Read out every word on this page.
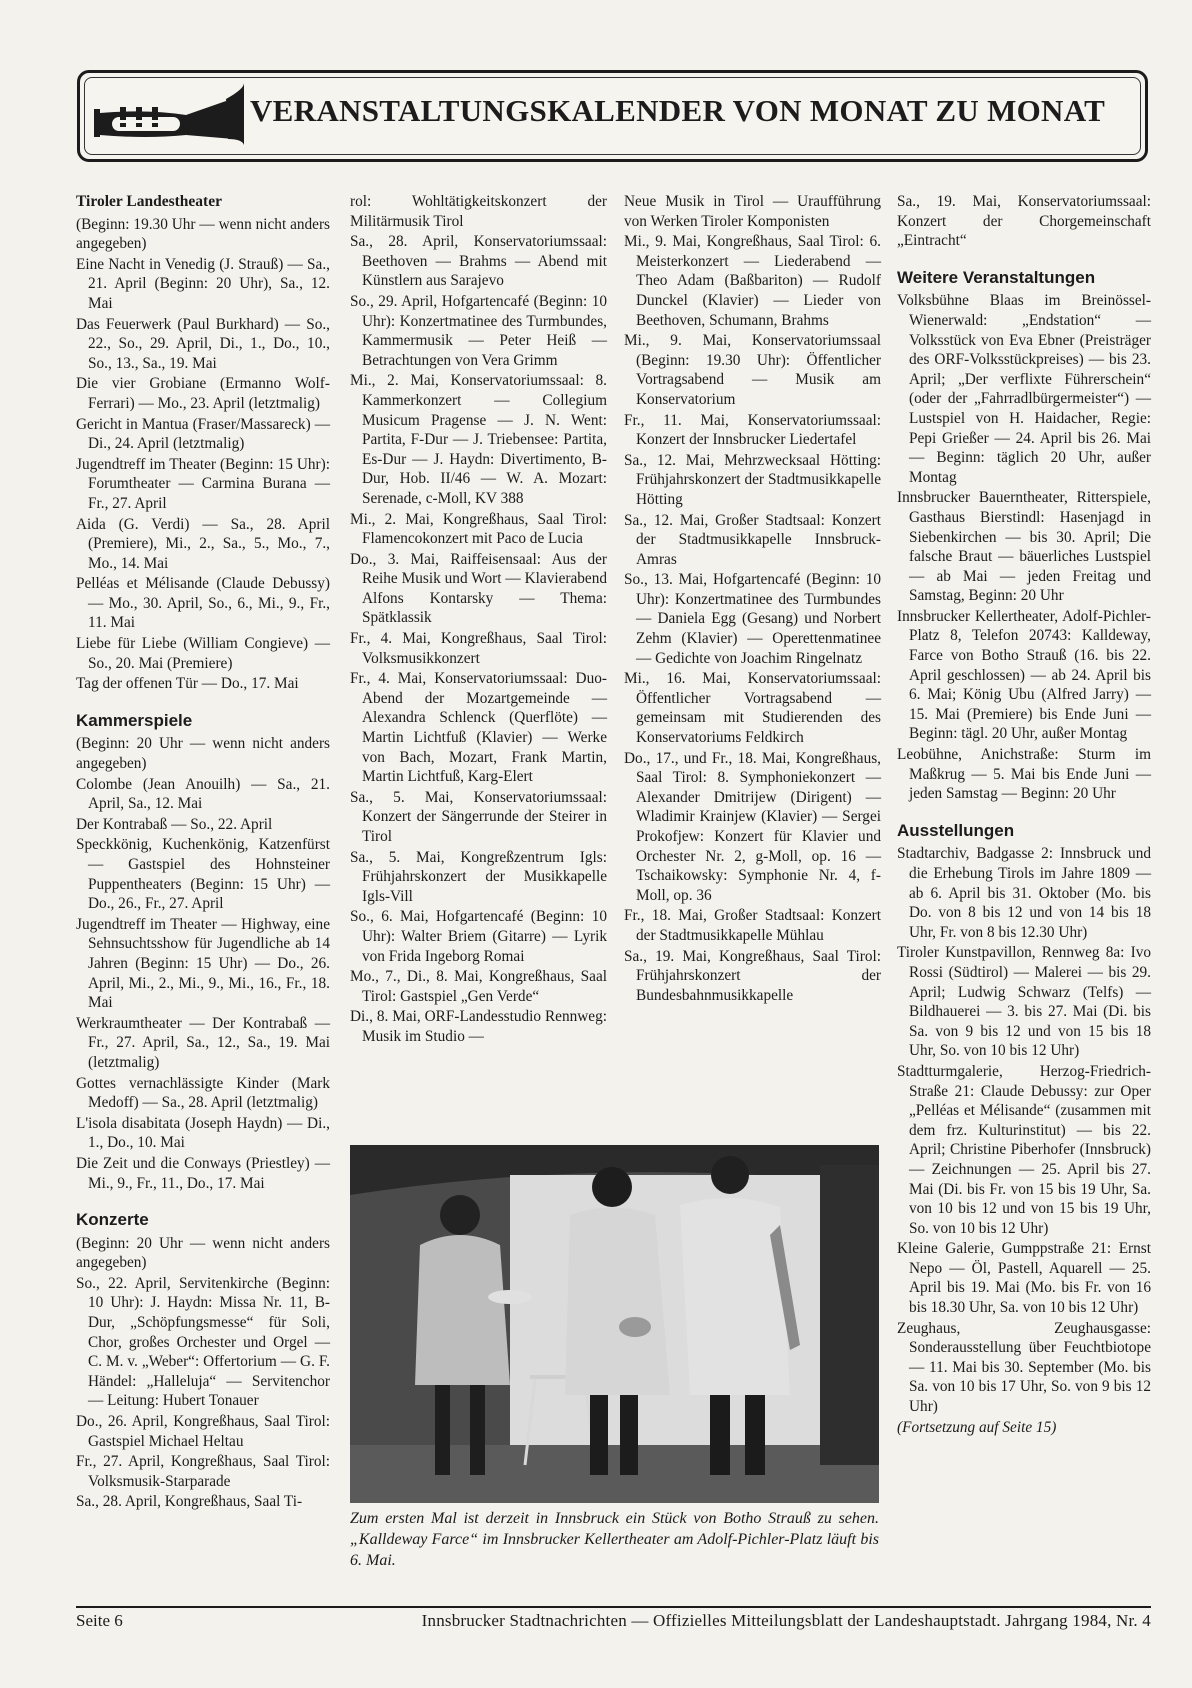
VERANSTALTUNGSKALENDER VON MONAT ZU MONAT
Tiroler Landestheater

(Beginn: 19.30 Uhr — wenn nicht anders angegeben)

Eine Nacht in Venedig (J. Strauß) — Sa., 21. April (Beginn: 20 Uhr), Sa., 12. Mai

Das Feuerwerk (Paul Burkhard) — So., 22., So., 29. April, Di., 1., Do., 10., So., 13., Sa., 19. Mai

Die vier Grobiane (Ermanno Wolf-Ferrari) — Mo., 23. April (letztmalig)

Gericht in Mantua (Fraser/Massareck) — Di., 24. April (letztmalig)

Jugendtreff im Theater (Beginn: 15 Uhr): Forumtheater — Carmina Burana — Fr., 27. April

Aida (G. Verdi) — Sa., 28. April (Premiere), Mi., 2., Sa., 5., Mo., 7., Mo., 14. Mai

Pelléas et Mélisande (Claude Debussy) — Mo., 30. April, So., 6., Mi., 9., Fr., 11. Mai

Liebe für Liebe (William Congieve) — So., 20. Mai (Premiere)

Tag der offenen Tür — Do., 17. Mai

Kammerspiele

(Beginn: 20 Uhr — wenn nicht anders angegeben)

Colombe (Jean Anouilh) — Sa., 21. April, Sa., 12. Mai

Der Kontrabaß — So., 22. April

Speckkönig, Kuchenkönig, Katzenfürst — Gastspiel des Hohnsteiner Puppentheaters (Beginn: 15 Uhr) — Do., 26., Fr., 27. April

Jugendtreff im Theater — Highway, eine Sehnsuchtsshow für Jugendliche ab 14 Jahren (Beginn: 15 Uhr) — Do., 26. April, Mi., 2., Mi., 9., Mi., 16., Fr., 18. Mai

Werkraumtheater — Der Kontrabaß — Fr., 27. April, Sa., 12., Sa., 19. Mai (letztmalig)

Gottes vernachlässigte Kinder (Mark Medoff) — Sa., 28. April (letztmalig)

L'isola disabitata (Joseph Haydn) — Di., 1., Do., 10. Mai

Die Zeit und die Conways (Priestley) — Mi., 9., Fr., 11., Do., 17. Mai

Konzerte

(Beginn: 20 Uhr — wenn nicht anders angegeben)

So., 22. April, Servitenkirche (Beginn: 10 Uhr): J. Haydn: Missa Nr. 11, B-Dur, „Schöpfungsmesse“ für Soli, Chor, großes Orchester und Orgel — C. M. v. „Weber“: Offertorium — G. F. Händel: „Halleluja“ — Servitenchor — Leitung: Hubert Tonauer

Do., 26. April, Kongreßhaus, Saal Tirol: Gastspiel Michael Heltau

Fr., 27. April, Kongreßhaus, Saal Tirol: Volksmusik-Starparade

Sa., 28. April, Kongreßhaus, Saal Ti-

rol: Wohltätigkeitskonzert der Militärmusik Tirol

Sa., 28. April, Konservatoriumssaal: Beethoven — Brahms — Abend mit Künstlern aus Sarajevo

So., 29. April, Hofgartencafé (Beginn: 10 Uhr): Konzertmatinee des Turmbundes, Kammermusik — Peter Heiß — Betrachtungen von Vera Grimm

Mi., 2. Mai, Konservatoriumssaal: 8. Kammerkonzert — Collegium Musicum Pragense — J. N. Went: Partita, F-Dur — J. Triebensee: Partita, Es-Dur — J. Haydn: Divertimento, B-Dur, Hob. II/46 — W. A. Mozart: Serenade, c-Moll, KV 388

Mi., 2. Mai, Kongreßhaus, Saal Tirol: Flamencokonzert mit Paco de Lucia

Do., 3. Mai, Raiffeisensaal: Aus der Reihe Musik und Wort — Klavierabend Alfons Kontarsky — Thema: Spätklassik

Fr., 4. Mai, Kongreßhaus, Saal Tirol: Volksmusikkonzert

Fr., 4. Mai, Konservatoriumssaal: Duo-Abend der Mozartgemeinde — Alexandra Schlenck (Querflöte) — Martin Lichtfuß (Klavier) — Werke von Bach, Mozart, Frank Martin, Martin Lichtfuß, Karg-Elert

Sa., 5. Mai, Konservatoriumssaal: Konzert der Sängerrunde der Steirer in Tirol

Sa., 5. Mai, Kongreßzentrum Igls: Frühjahrskonzert der Musikkapelle Igls-Vill

So., 6. Mai, Hofgartencafé (Beginn: 10 Uhr): Walter Briem (Gitarre) — Lyrik von Frida Ingeborg Romai

Mo., 7., Di., 8. Mai, Kongreßhaus, Saal Tirol: Gastspiel „Gen Verde“

Di., 8. Mai, ORF-Landesstudio Rennweg: Musik im Studio —

Neue Musik in Tirol — Uraufführung von Werken Tiroler Komponisten

Mi., 9. Mai, Kongreßhaus, Saal Tirol: 6. Meisterkonzert — Liederabend — Theo Adam (Baßbariton) — Rudolf Dunckel (Klavier) — Lieder von Beethoven, Schumann, Brahms

Mi., 9. Mai, Konservatoriumssaal (Beginn: 19.30 Uhr): Öffentlicher Vortragsabend — Musik am Konservatorium

Fr., 11. Mai, Konservatoriumssaal: Konzert der Innsbrucker Liedertafel

Sa., 12. Mai, Mehrzwecksaal Hötting: Frühjahrskonzert der Stadtmusikkapelle Hötting

Sa., 12. Mai, Großer Stadtsaal: Konzert der Stadtmusikkapelle Innsbruck-Amras

So., 13. Mai, Hofgartencafé (Beginn: 10 Uhr): Konzertmatinee des Turmbundes — Daniela Egg (Gesang) und Norbert Zehm (Klavier) — Operettenmatinee — Gedichte von Joachim Ringelnatz

Mi., 16. Mai, Konservatoriumssaal: Öffentlicher Vortragsabend — gemeinsam mit Studierenden des Konservatoriums Feldkirch

Do., 17., und Fr., 18. Mai, Kongreßhaus, Saal Tirol: 8. Symphoniekonzert — Alexander Dmitrijew (Dirigent) — Wladimir Krainjew (Klavier) — Sergei Prokofjew: Konzert für Klavier und Orchester Nr. 2, g-Moll, op. 16 — Tschaikowsky: Symphonie Nr. 4, f-Moll, op. 36

Fr., 18. Mai, Großer Stadtsaal: Konzert der Stadtmusikkapelle Mühlau

Sa., 19. Mai, Kongreßhaus, Saal Tirol: Frühjahrskonzert der Bundesbahnmusikkapelle

Sa., 19. Mai, Konservatoriumssaal: Konzert der Chorgemeinschaft „Eintracht“

Weitere Veranstaltungen

Volksbühne Blaas im Breinössel-Wienerwald: „Endstation“ — Volksstück von Eva Ebner (Preisträger des ORF-Volksstückpreises) — bis 23. April; „Der verflixte Führerschein“ (oder der „Fahrradlbürgermeister“) — Lustspiel von H. Haidacher, Regie: Pepi Grießer — 24. April bis 26. Mai — Beginn: täglich 20 Uhr, außer Montag

Innsbrucker Bauerntheater, Ritterspiele, Gasthaus Bierstindl: Hasenjagd in Siebenkirchen — bis 30. April; Die falsche Braut — bäuerliches Lustspiel — ab Mai — jeden Freitag und Samstag, Beginn: 20 Uhr

Innsbrucker Kellertheater, Adolf-Pichler-Platz 8, Telefon 20743: Kalldeway, Farce von Botho Strauß (16. bis 22. April geschlossen) — ab 24. April bis 6. Mai; König Ubu (Alfred Jarry) — 15. Mai (Premiere) bis Ende Juni — Beginn: tägl. 20 Uhr, außer Montag

Leobühne, Anichstraße: Sturm im Maßkrug — 5. Mai bis Ende Juni — jeden Samstag — Beginn: 20 Uhr

Ausstellungen

Stadtarchiv, Badgasse 2: Innsbruck und die Erhebung Tirols im Jahre 1809 — ab 6. April bis 31. Oktober (Mo. bis Do. von 8 bis 12 und von 14 bis 18 Uhr, Fr. von 8 bis 12.30 Uhr)

Tiroler Kunstpavillon, Rennweg 8a: Ivo Rossi (Südtirol) — Malerei — bis 29. April; Ludwig Schwarz (Telfs) — Bildhauerei — 3. bis 27. Mai (Di. bis Sa. von 9 bis 12 und von 15 bis 18 Uhr, So. von 10 bis 12 Uhr)

Stadtturmgalerie, Herzog-Friedrich-Straße 21: Claude Debussy: zur Oper „Pelléas et Mélisande“ (zusammen mit dem frz. Kulturinstitut) — bis 22. April; Christine Piberhofer (Innsbruck) — Zeichnungen — 25. April bis 27. Mai (Di. bis Fr. von 15 bis 19 Uhr, Sa. von 10 bis 12 und von 15 bis 19 Uhr, So. von 10 bis 12 Uhr)

Kleine Galerie, Gumppstraße 21: Ernst Nepo — Öl, Pastell, Aquarell — 25. April bis 19. Mai (Mo. bis Fr. von 16 bis 18.30 Uhr, Sa. von 10 bis 12 Uhr)

Zeughaus, Zeughausgasse: Sonderausstellung über Feuchtbiotope — 11. Mai bis 30. September (Mo. bis Sa. von 10 bis 17 Uhr, So. von 9 bis 12 Uhr)

(Fortsetzung auf Seite 15)

Zum ersten Mal ist derzeit in Innsbruck ein Stück von Botho Strauß zu sehen. „Kalldeway Farce“ im Innsbrucker Kellertheater am Adolf-Pichler-Platz läuft bis 6. Mai.
Seite 6	Innsbrucker Stadtnachrichten — Offizielles Mitteilungsblatt der Landeshauptstadt. Jahrgang 1984, Nr. 4
